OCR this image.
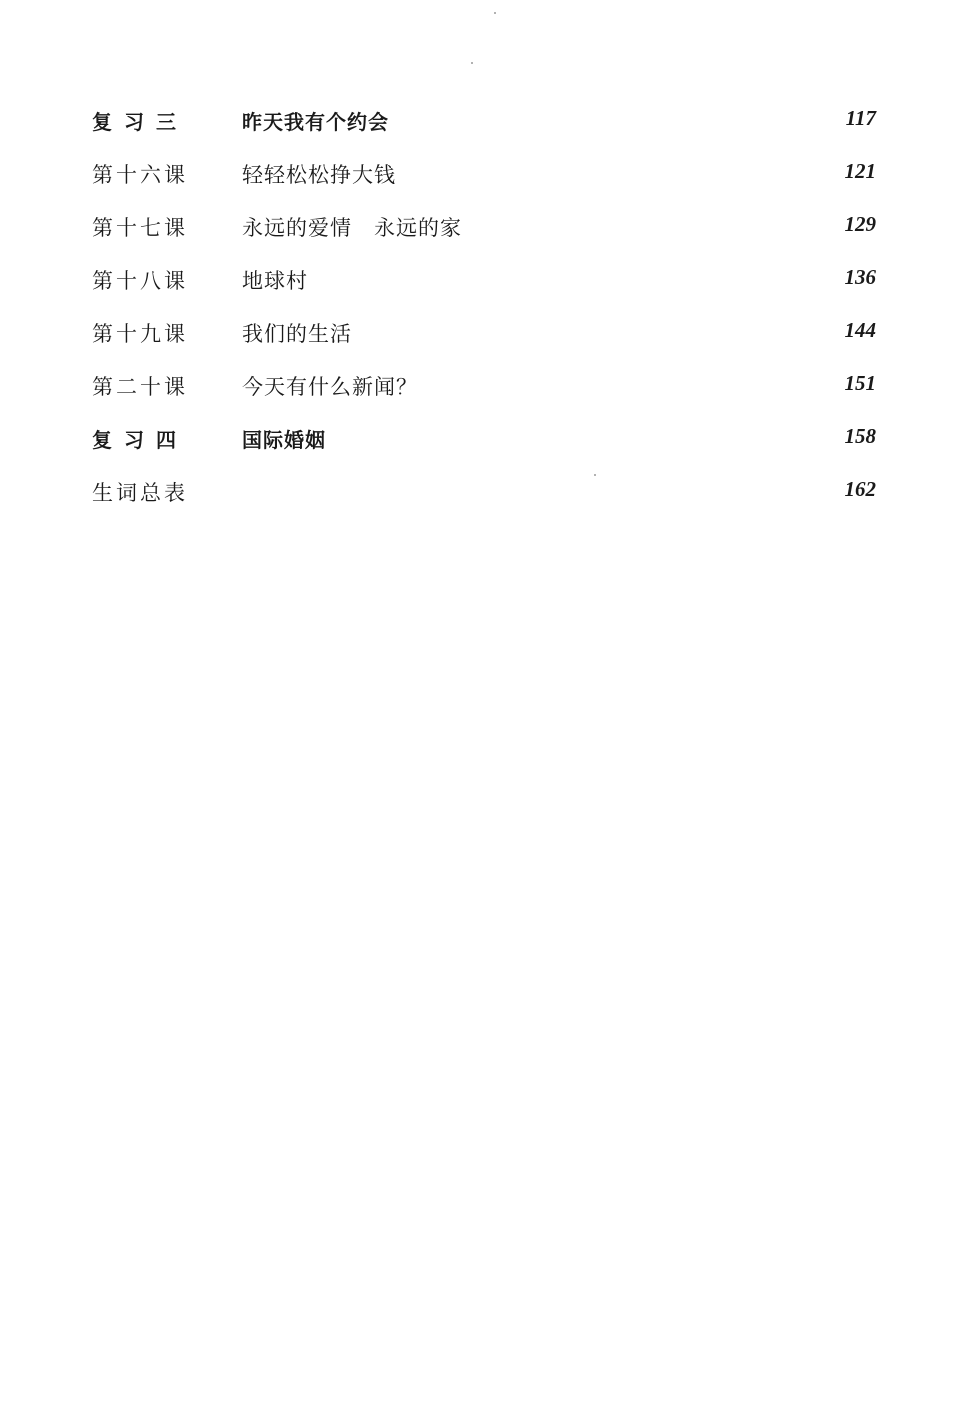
复习三	昨天我有个约会	117
第十六课	轻轻松松挣大钱	121
第十七课	永远的爱情　永远的家	129
第十八课	地球村	136
第十九课	我们的生活	144
第二十课	今天有什么新闻？	151
复习四	国际婚姻	158
生词总表	162
